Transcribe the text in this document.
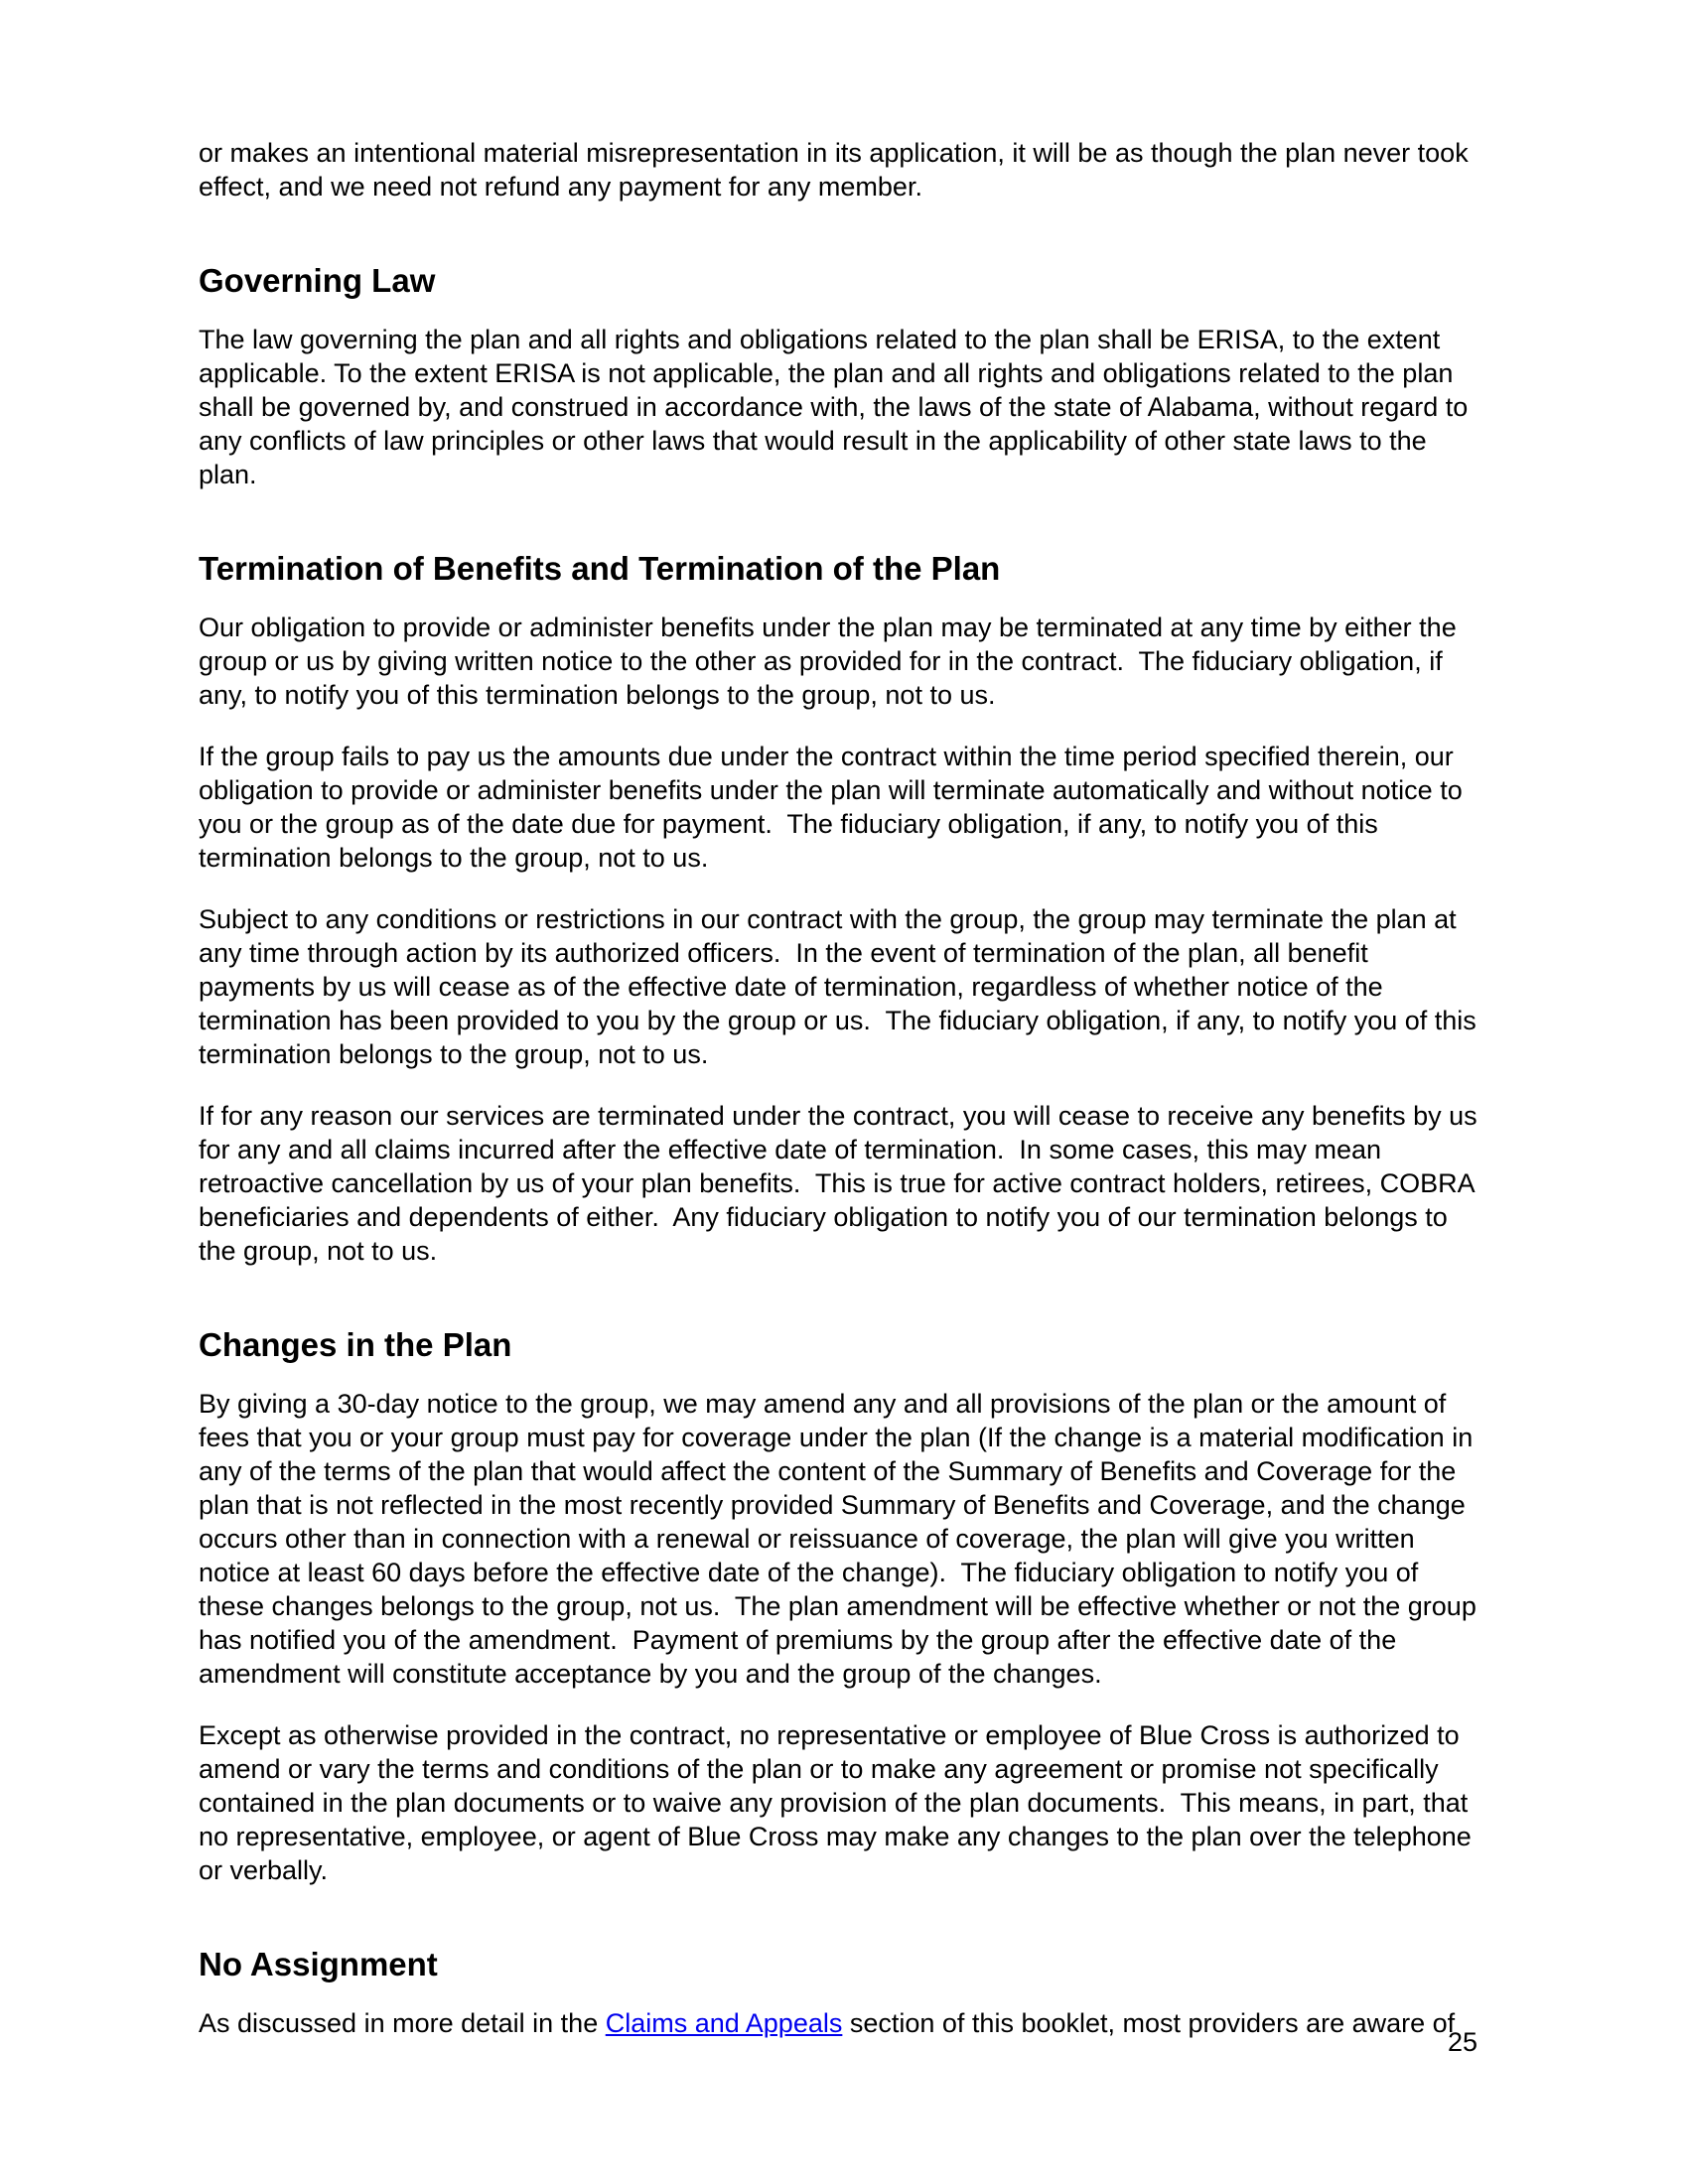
or makes an intentional material misrepresentation in its application, it will be as though the plan never took effect, and we need not refund any payment for any member.

Governing Law

The law governing the plan and all rights and obligations related to the plan shall be ERISA, to the extent applicable. To the extent ERISA is not applicable, the plan and all rights and obligations related to the plan shall be governed by, and construed in accordance with, the laws of the state of Alabama, without regard to any conflicts of law principles or other laws that would result in the applicability of other state laws to the plan.

Termination of Benefits and Termination of the Plan

Our obligation to provide or administer benefits under the plan may be terminated at any time by either the group or us by giving written notice to the other as provided for in the contract.  The fiduciary obligation, if any, to notify you of this termination belongs to the group, not to us.

If the group fails to pay us the amounts due under the contract within the time period specified therein, our obligation to provide or administer benefits under the plan will terminate automatically and without notice to you or the group as of the date due for payment.  The fiduciary obligation, if any, to notify you of this termination belongs to the group, not to us.

Subject to any conditions or restrictions in our contract with the group, the group may terminate the plan at any time through action by its authorized officers.  In the event of termination of the plan, all benefit payments by us will cease as of the effective date of termination, regardless of whether notice of the termination has been provided to you by the group or us.  The fiduciary obligation, if any, to notify you of this termination belongs to the group, not to us.

If for any reason our services are terminated under the contract, you will cease to receive any benefits by us for any and all claims incurred after the effective date of termination.  In some cases, this may mean retroactive cancellation by us of your plan benefits.  This is true for active contract holders, retirees, COBRA beneficiaries and dependents of either.  Any fiduciary obligation to notify you of our termination belongs to the group, not to us.

Changes in the Plan

By giving a 30-day notice to the group, we may amend any and all provisions of the plan or the amount of fees that you or your group must pay for coverage under the plan (If the change is a material modification in any of the terms of the plan that would affect the content of the Summary of Benefits and Coverage for the plan that is not reflected in the most recently provided Summary of Benefits and Coverage, and the change occurs other than in connection with a renewal or reissuance of coverage, the plan will give you written notice at least 60 days before the effective date of the change).  The fiduciary obligation to notify you of these changes belongs to the group, not us.  The plan amendment will be effective whether or not the group has notified you of the amendment.  Payment of premiums by the group after the effective date of the amendment will constitute acceptance by you and the group of the changes.

Except as otherwise provided in the contract, no representative or employee of Blue Cross is authorized to amend or vary the terms and conditions of the plan or to make any agreement or promise not specifically contained in the plan documents or to waive any provision of the plan documents.  This means, in part, that no representative, employee, or agent of Blue Cross may make any changes to the plan over the telephone or verbally.

No Assignment

As discussed in more detail in the Claims and Appeals section of this booklet, most providers are aware of

25
